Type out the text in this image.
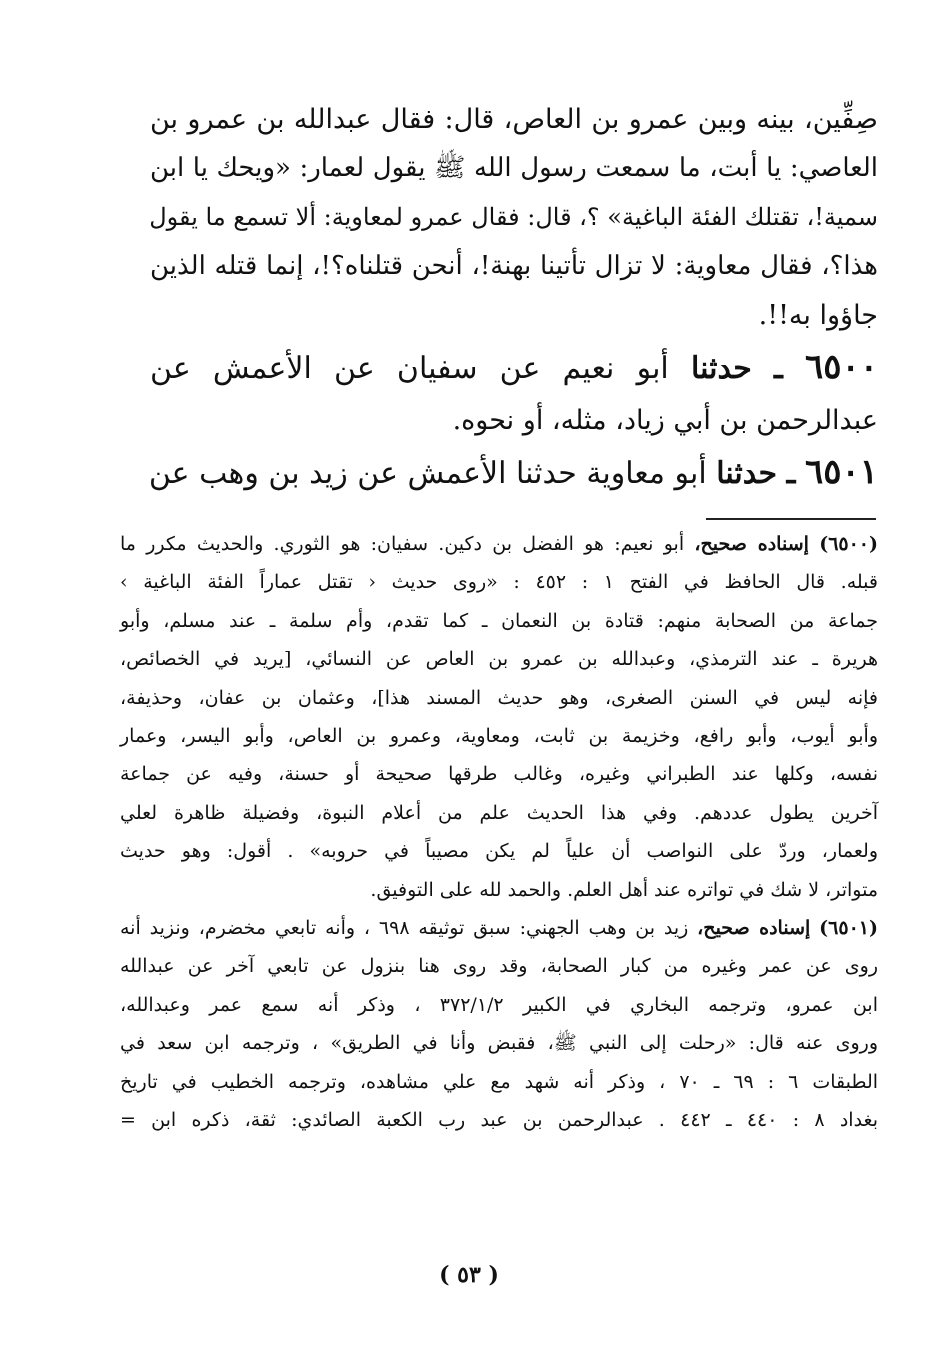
صِفِّين، بينه وبين عمرو بن العاص، قال: فقال عبدالله بن عمرو بن

العاصي: يا أبت، ما سمعت رسول الله ﷺ يقول لعمار: «ويحك يا ابن

سمية!، تقتلك الفئة الباغية» ؟، قال: فقال عمرو لمعاوية: ألا تسمع ما يقول

هذا؟، فقال معاوية: لا تزال تأتينا بهنة!، أنحن قتلناه؟!، إنما قتله الذين

جاؤوا به!!.

٦٥٠٠ ـ حدثنا أبو نعيم عن سفيان عن الأعمش عن

عبدالرحمن بن أبي زياد، مثله، أو نحوه.

٦٥٠١ ـ حدثنا أبو معاوية حدثنا الأعمش عن زيد بن وهب عن

(٦٥٠٠) إسناده صحيح، أبو نعيم: هو الفضل بن دكين. سفيان: هو الثوري. والحديث مكرر ما

قبله. قال الحافظ في الفتح ١ : ٤٥٢ : «روى حديث ‹ تقتل عماراً الفئة الباغية ›

جماعة من الصحابة منهم: قتادة بن النعمان ـ كما تقدم، وأم سلمة ـ عند مسلم، وأبو

هريرة ـ عند الترمذي، وعبدالله بن عمرو بن العاص عن النسائي، [يريد في الخصائص،

فإنه ليس في السنن الصغرى، وهو حديث المسند هذا]، وعثمان بن عفان، وحذيفة،

وأبو أيوب، وأبو رافع، وخزيمة بن ثابت، ومعاوية، وعمرو بن العاص، وأبو اليسر، وعمار

نفسه، وكلها عند الطبراني وغيره، وغالب طرقها صحيحة أو حسنة، وفيه عن جماعة

آخرين يطول عددهم. وفي هذا الحديث علم من أعلام النبوة، وفضيلة ظاهرة لعلي

ولعمار، وردّ على النواصب أن علياً لم يكن مصيباً في حروبه» . أقول: وهو حديث

متواتر، لا شك في تواتره عند أهل العلم. والحمد لله على التوفيق.

(٦٥٠١) إسناده صحيح، زيد بن وهب الجهني: سبق توثيقه ٦٩٨ ، وأنه تابعي مخضرم، ونزيد أنه

روى عن عمر وغيره من كبار الصحابة، وقد روى هنا بنزول عن تابعي آخر عن عبدالله

ابن عمرو، وترجمه البخاري في الكبير ٣٧٢/١/٢ ، وذكر أنه سمع عمر وعبدالله،

وروى عنه قال: «رحلت إلى النبي ﷺ، فقبض وأنا في الطريق» ، وترجمه ابن سعد في

الطبقات ٦ : ٦٩ ـ ٧٠ ، وذكر أنه شهد مع علي مشاهده، وترجمه الخطيب في تاريخ

بغداد ٨ : ٤٤٠ ـ ٤٤٢ . عبدالرحمن بن عبد رب الكعبة الصائدي: ثقة، ذكره ابن =

( ٥٣ )
